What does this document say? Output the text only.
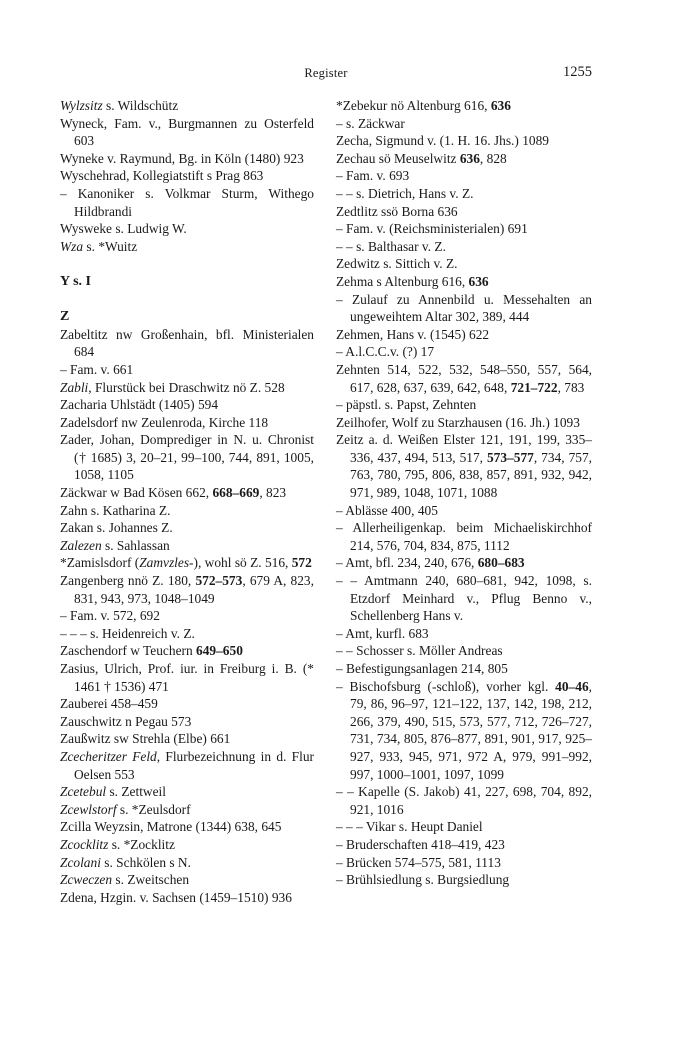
Register	1255
Wylzsitz s. Wildschütz
Wyneck, Fam. v., Burgmannen zu Osterfeld 603
Wyneke v. Raymund, Bg. in Köln (1480) 923
Wyschehrad, Kollegiatstift s Prag 863
– Kanoniker s. Volkmar Sturm, Withego Hildbrandi
Wysweke s. Ludwig W.
Wza s. *Wuitz
Y s. I
Z
Zabeltitz nw Großenhain, bfl. Ministerialen 684
– Fam. v. 661
Zabli, Flurstück bei Draschwitz nö Z. 528
Zacharia Uhlstädt (1405) 594
Zadelsdorf nw Zeulenroda, Kirche 118
Zader, Johan, Domprediger in N. u. Chronist († 1685) 3, 20–21, 99–100, 744, 891, 1005, 1058, 1105
Zäckwar w Bad Kösen 662, 668–669, 823
Zahn s. Katharina Z.
Zakan s. Johannes Z.
Zalezen s. Sahlassan
*Zamislsdorf (Zamvzles-), wohl sö Z. 516, 572
Zangenberg nnö Z. 180, 572–573, 679 A, 823, 831, 943, 973, 1048–1049
– Fam. v. 572, 692
– – – s. Heidenreich v. Z.
Zaschendorf w Teuchern 649–650
Zasius, Ulrich, Prof. iur. in Freiburg i. B. (* 1461 † 1536) 471
Zauberei 458–459
Zauschwitz n Pegau 573
Zaußwitz sw Strehla (Elbe) 661
Zcecheritzer Feld, Flurbezeichnung in d. Flur Oelsen 553
Zcetebul s. Zettweil
Zcewlstorf s. *Zeulsdorf
Zcilla Weyzsin, Matrone (1344) 638, 645
Zcocklitz s. *Zocklitz
Zcolani s. Schkölen s N.
Zcweczen s. Zweitschen
Zdena, Hzgin. v. Sachsen (1459–1510) 936
*Zebekur nö Altenburg 616, 636
– s. Zäckwar
Zecha, Sigmund v. (1. H. 16. Jhs.) 1089
Zechau sö Meuselwitz 636, 828
– Fam. v. 693
– – s. Dietrich, Hans v. Z.
Zedtlitz ssö Borna 636
– Fam. v. (Reichsministerialen) 691
– – s. Balthasar v. Z.
Zedwitz s. Sittich v. Z.
Zehma s Altenburg 616, 636
– Zulauf zu Annenbild u. Messehalten an ungeweihtem Altar 302, 389, 444
Zehmen, Hans v. (1545) 622
– A.l.C.C.v. (?) 17
Zehnten 514, 522, 532, 548–550, 557, 564, 617, 628, 637, 639, 642, 648, 721–722, 783
– päpstl. s. Papst, Zehnten
Zeilhofer, Wolf zu Starzhausen (16. Jh.) 1093
Zeitz a. d. Weißen Elster 121, 191, 199, 335–336, 437, 494, 513, 517, 573–577, 734, 757, 763, 780, 795, 806, 838, 857, 891, 932, 942, 971, 989, 1048, 1071, 1088
– Ablässe 400, 405
– Allerheiligenkap. beim Michaeliskirchhof 214, 576, 704, 834, 875, 1112
– Amt, bfl. 234, 240, 676, 680–683
– – Amtmann 240, 680–681, 942, 1098, s. Etzdorf Meinhard v., Pflug Benno v., Schellenberg Hans v.
– Amt, kurfl. 683
– – Schosser s. Möller Andreas
– Befestigungsanlagen 214, 805
– Bischofsburg (-schloß), vorher kgl. 40–46, 79, 86, 96–97, 121–122, 137, 142, 198, 212, 266, 379, 490, 515, 573, 577, 712, 726–727, 731, 734, 805, 876–877, 891, 901, 917, 925–927, 933, 945, 971, 972 A, 979, 991–992, 997, 1000–1001, 1097, 1099
– – Kapelle (S. Jakob) 41, 227, 698, 704, 892, 921, 1016
– – – Vikar s. Heupt Daniel
– Bruderschaften 418–419, 423
– Brücken 574–575, 581, 1113
– Brühlsiedlung s. Burgsiedlung
